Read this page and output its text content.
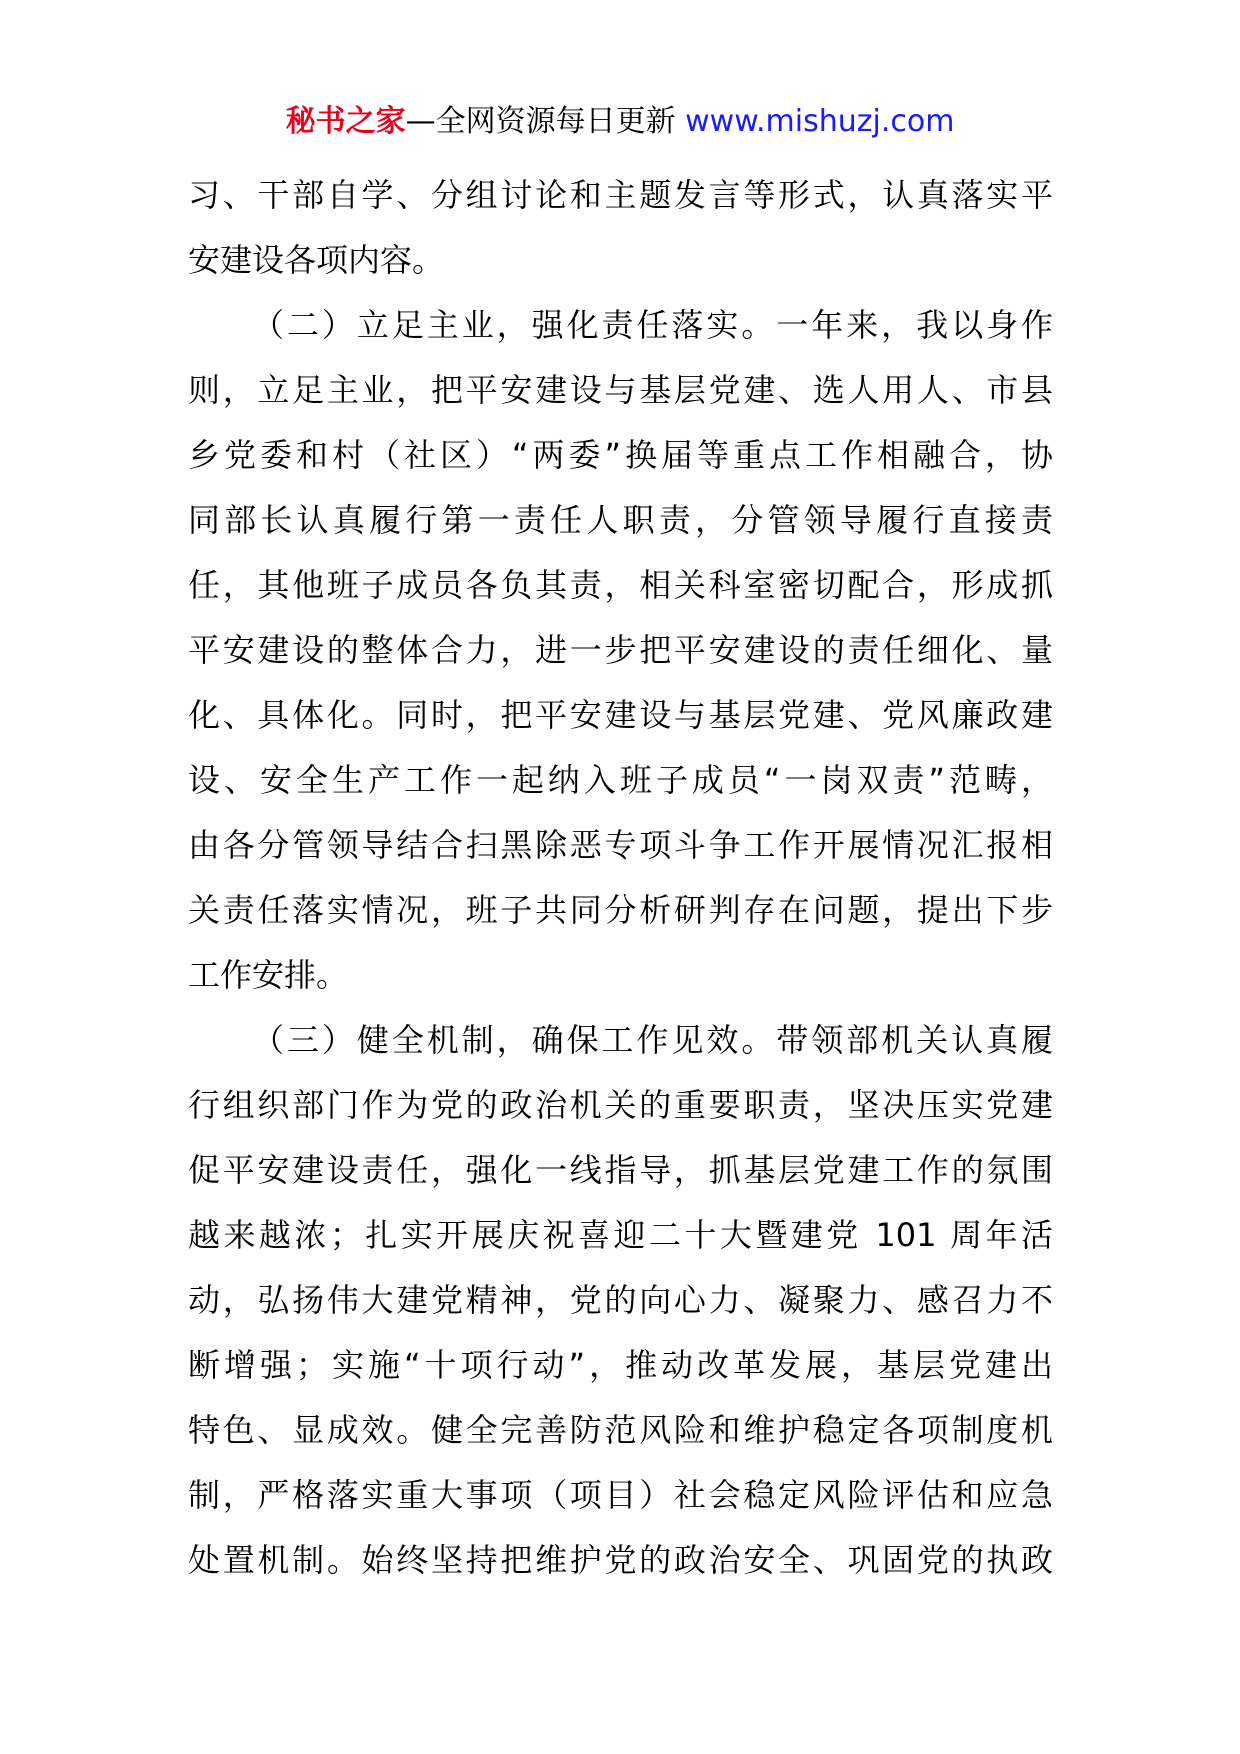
秘书之家—全网资源每日更新 www.mishuzj.com
习、干部自学、分组讨论和主题发言等形式，认真落实平
安建设各项内容。
（二）立足主业，强化责任落实。一年来，我以身作
则，立足主业，把平安建设与基层党建、选人用人、市县
乡党委和村（社区）“两委”换届等重点工作相融合，协
同部长认真履行第一责任人职责，分管领导履行直接责
任，其他班子成员各负其责，相关科室密切配合，形成抓
平安建设的整体合力，进一步把平安建设的责任细化、量
化、具体化。同时，把平安建设与基层党建、党风廉政建
设、安全生产工作一起纳入班子成员“一岗双责”范畴，
由各分管领导结合扫黑除恶专项斗争工作开展情况汇报相
关责任落实情况，班子共同分析研判存在问题，提出下步
工作安排。
（三）健全机制，确保工作见效。带领部机关认真履
行组织部门作为党的政治机关的重要职责，坚决压实党建
促平安建设责任，强化一线指导，抓基层党建工作的氛围
越来越浓；扎实开展庆祝喜迎二十大暨建党 101 周年活
动，弘扬伟大建党精神，党的向心力、凝聚力、感召力不
断增强；实施“十项行动”，推动改革发展，基层党建出
特色、显成效。健全完善防范风险和维护稳定各项制度机
制，严格落实重大事项（项目）社会稳定风险评估和应急
处置机制。始终坚持把维护党的政治安全、巩固党的执政
